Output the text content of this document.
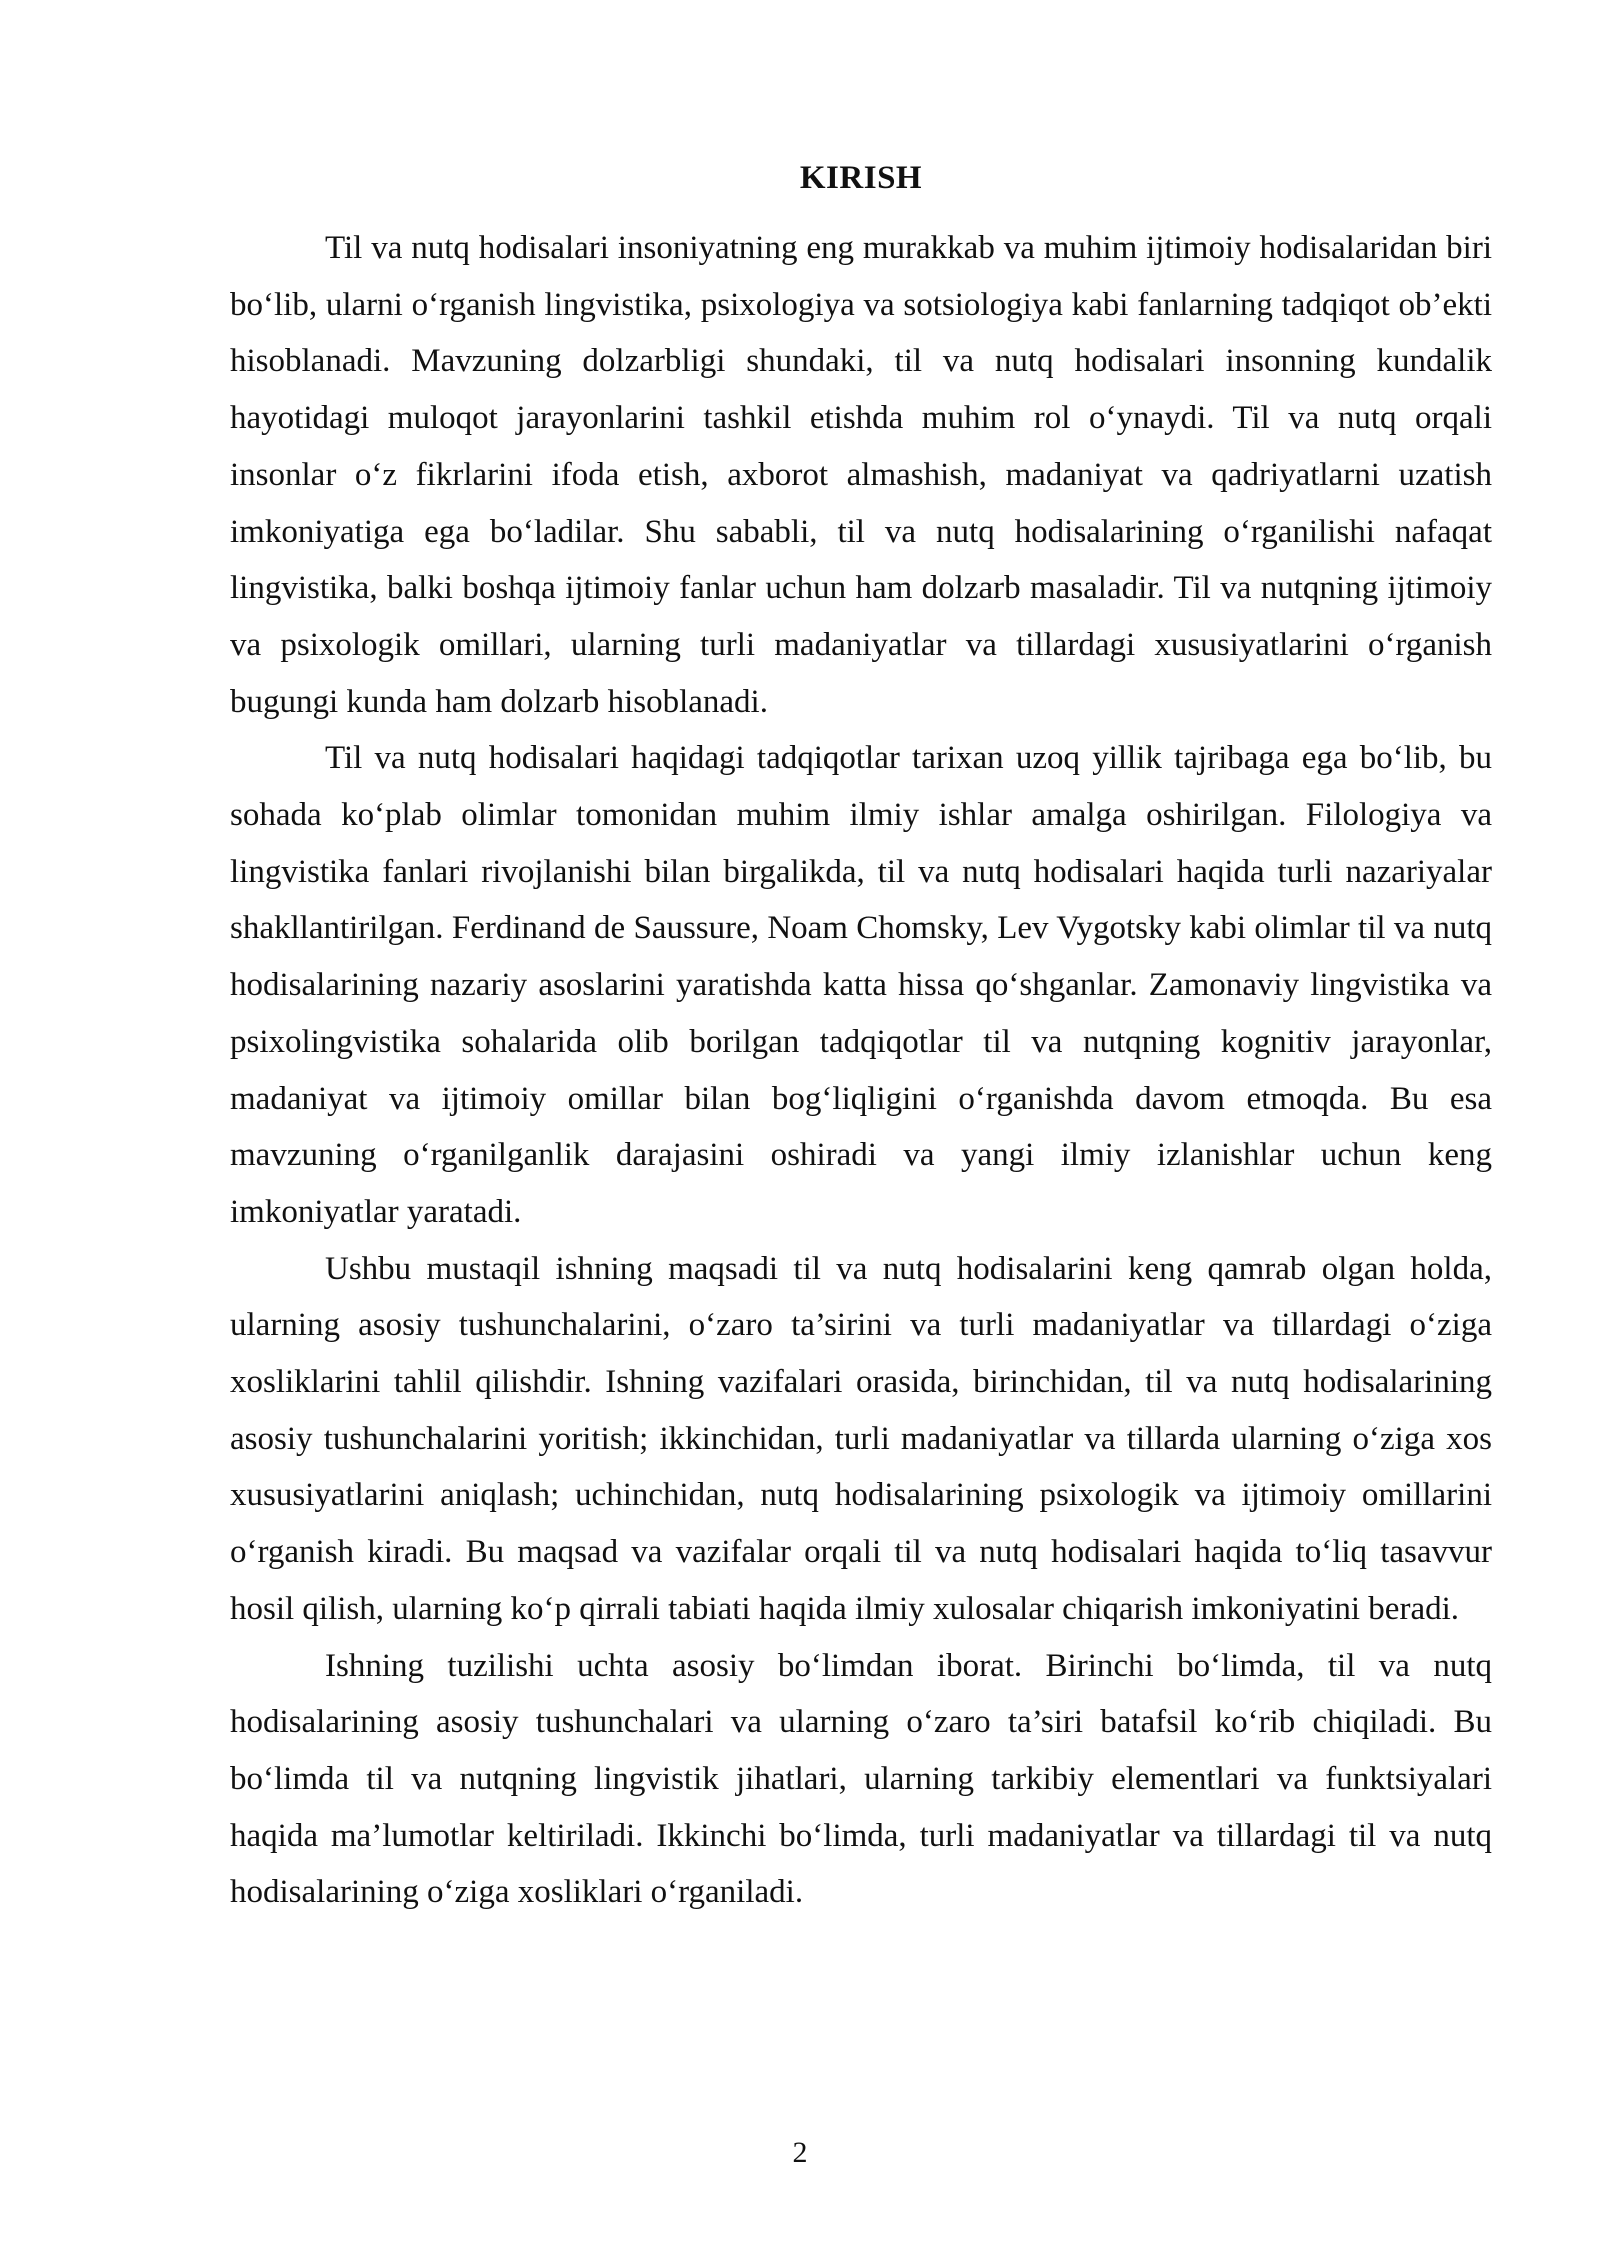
KIRISH

Til va nutq hodisalari insoniyatning eng murakkab va muhim ijtimoiy hodisalaridan biri bo‘lib, ularni o‘rganish lingvistika, psixologiya va sotsiologiya kabi fanlarning tadqiqot ob’ekti hisoblanadi. Mavzuning dolzarbligi shundaki, til va nutq hodisalari insonning kundalik hayotidagi muloqot jarayonlarini tashkil etishda muhim rol o‘ynaydi. Til va nutq orqali insonlar o‘z fikrlarini ifoda etish, axborot almashish, madaniyat va qadriyatlarni uzatish imkoniyatiga ega bo‘ladilar. Shu sababli, til va nutq hodisalarining o‘rganilishi nafaqat lingvistika, balki boshqa ijtimoiy fanlar uchun ham dolzarb masaladir. Til va nutqning ijtimoiy va psixologik omillari, ularning turli madaniyatlar va tillardagi xususiyatlarini o‘rganish bugungi kunda ham dolzarb hisoblanadi.

Til va nutq hodisalari haqidagi tadqiqotlar tarixan uzoq yillik tajribaga ega bo‘lib, bu sohada ko‘plab olimlar tomonidan muhim ilmiy ishlar amalga oshirilgan. Filologiya va lingvistika fanlari rivojlanishi bilan birgalikda, til va nutq hodisalari haqida turli nazariyalar shakllantirilgan. Ferdinand de Saussure, Noam Chomsky, Lev Vygotsky kabi olimlar til va nutq hodisalarining nazariy asoslarini yaratishda katta hissa qo‘shganlar. Zamonaviy lingvistika va psixolingvistika sohalarida olib borilgan tadqiqotlar til va nutqning kognitiv jarayonlar, madaniyat va ijtimoiy omillar bilan bog‘liqligini o‘rganishda davom etmoqda. Bu esa mavzuning o‘rganilganlik darajasini oshiradi va yangi ilmiy izlanishlar uchun keng imkoniyatlar yaratadi.

Ushbu mustaqil ishning maqsadi til va nutq hodisalarini keng qamrab olgan holda, ularning asosiy tushunchalarini, o‘zaro ta’sirini va turli madaniyatlar va tillardagi o‘ziga xosliklarini tahlil qilishdir. Ishning vazifalari orasida, birinchidan, til va nutq hodisalarining asosiy tushunchalarini yoritish; ikkinchidan, turli madaniyatlar va tillarda ularning o‘ziga xos xususiyatlarini aniqlash; uchinchidan, nutq hodisalarining psixologik va ijtimoiy omillarini o‘rganish kiradi. Bu maqsad va vazifalar orqali til va nutq hodisalari haqida to‘liq tasavvur hosil qilish, ularning ko‘p qirrali tabiati haqida ilmiy xulosalar chiqarish imkoniyatini beradi.

Ishning tuzilishi uchta asosiy bo‘limdan iborat. Birinchi bo‘limda, til va nutq hodisalarining asosiy tushunchalari va ularning o‘zaro ta’siri batafsil ko‘rib chiqiladi. Bu bo‘limda til va nutqning lingvistik jihatlari, ularning tarkibiy elementlari va funktsiyalari haqida ma’lumotlar keltiriladi. Ikkinchi bo‘limda, turli madaniyatlar va tillardagi til va nutq hodisalarining o‘ziga xosliklari o‘rganiladi.

2
